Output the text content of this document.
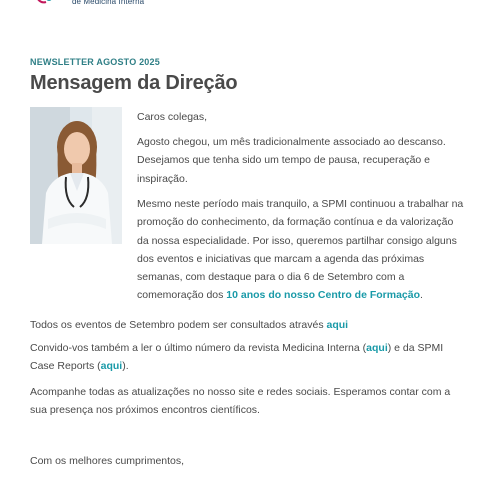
de Medicina Interna
NEWSLETTER AGOSTO 2025
Mensagem da Direção
Caros colegas,
Agosto chegou, um mês tradicionalmente associado ao descanso. Desejamos que tenha sido um tempo de pausa, recuperação e inspiração.
Mesmo neste período mais tranquilo, a SPMI continuou a trabalhar na promoção do conhecimento, da formação contínua e da valorização da nossa especialidade. Por isso, queremos partilhar consigo alguns dos eventos e iniciativas que marcam a agenda das próximas semanas, com destaque para o dia 6 de Setembro com a comemoração dos 10 anos do nosso Centro de Formação.
Todos os eventos de Setembro podem ser consultados através aqui
Convido-vos também a ler o último número da revista Medicina Interna (aqui) e da SPMI Case Reports (aqui).
Acompanhe todas as atualizações no nosso site e redes sociais. Esperamos contar com a sua presença nos próximos encontros científicos.
Com os melhores cumprimentos,
